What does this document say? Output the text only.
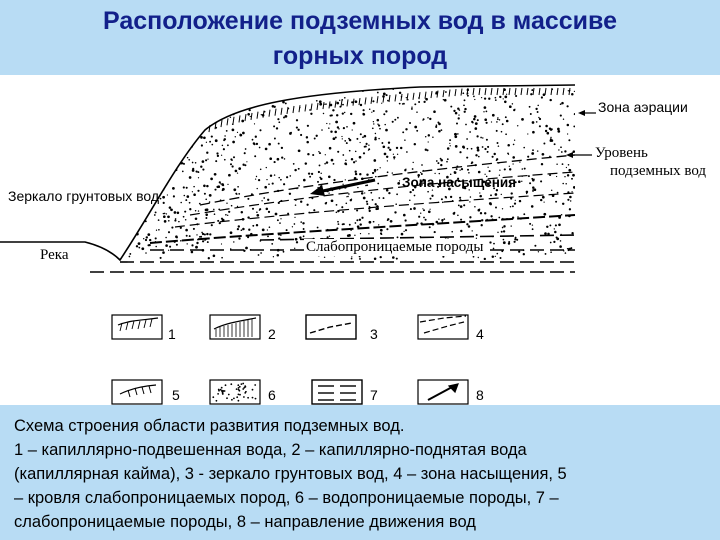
Расположение подземных вод в массиве
горных пород
Зона аэрации
Уровень
подземных вод
Зеркало грунтовых вод
Зона насыщения
Слабопроницаемые породы
Река
1	2	3	4
5	6	7	8
Схема строения области развития подземных вод.
1 – капиллярно-подвешенная вода, 2 – капиллярно-поднятая вода
(капиллярная кайма), 3 - зеркало грунтовых вод, 4 – зона насыщения, 5
– кровля слабопроницаемых пород, 6 – водопроницаемые породы, 7 –
слабопроницаемые породы, 8 – направление движения вод
